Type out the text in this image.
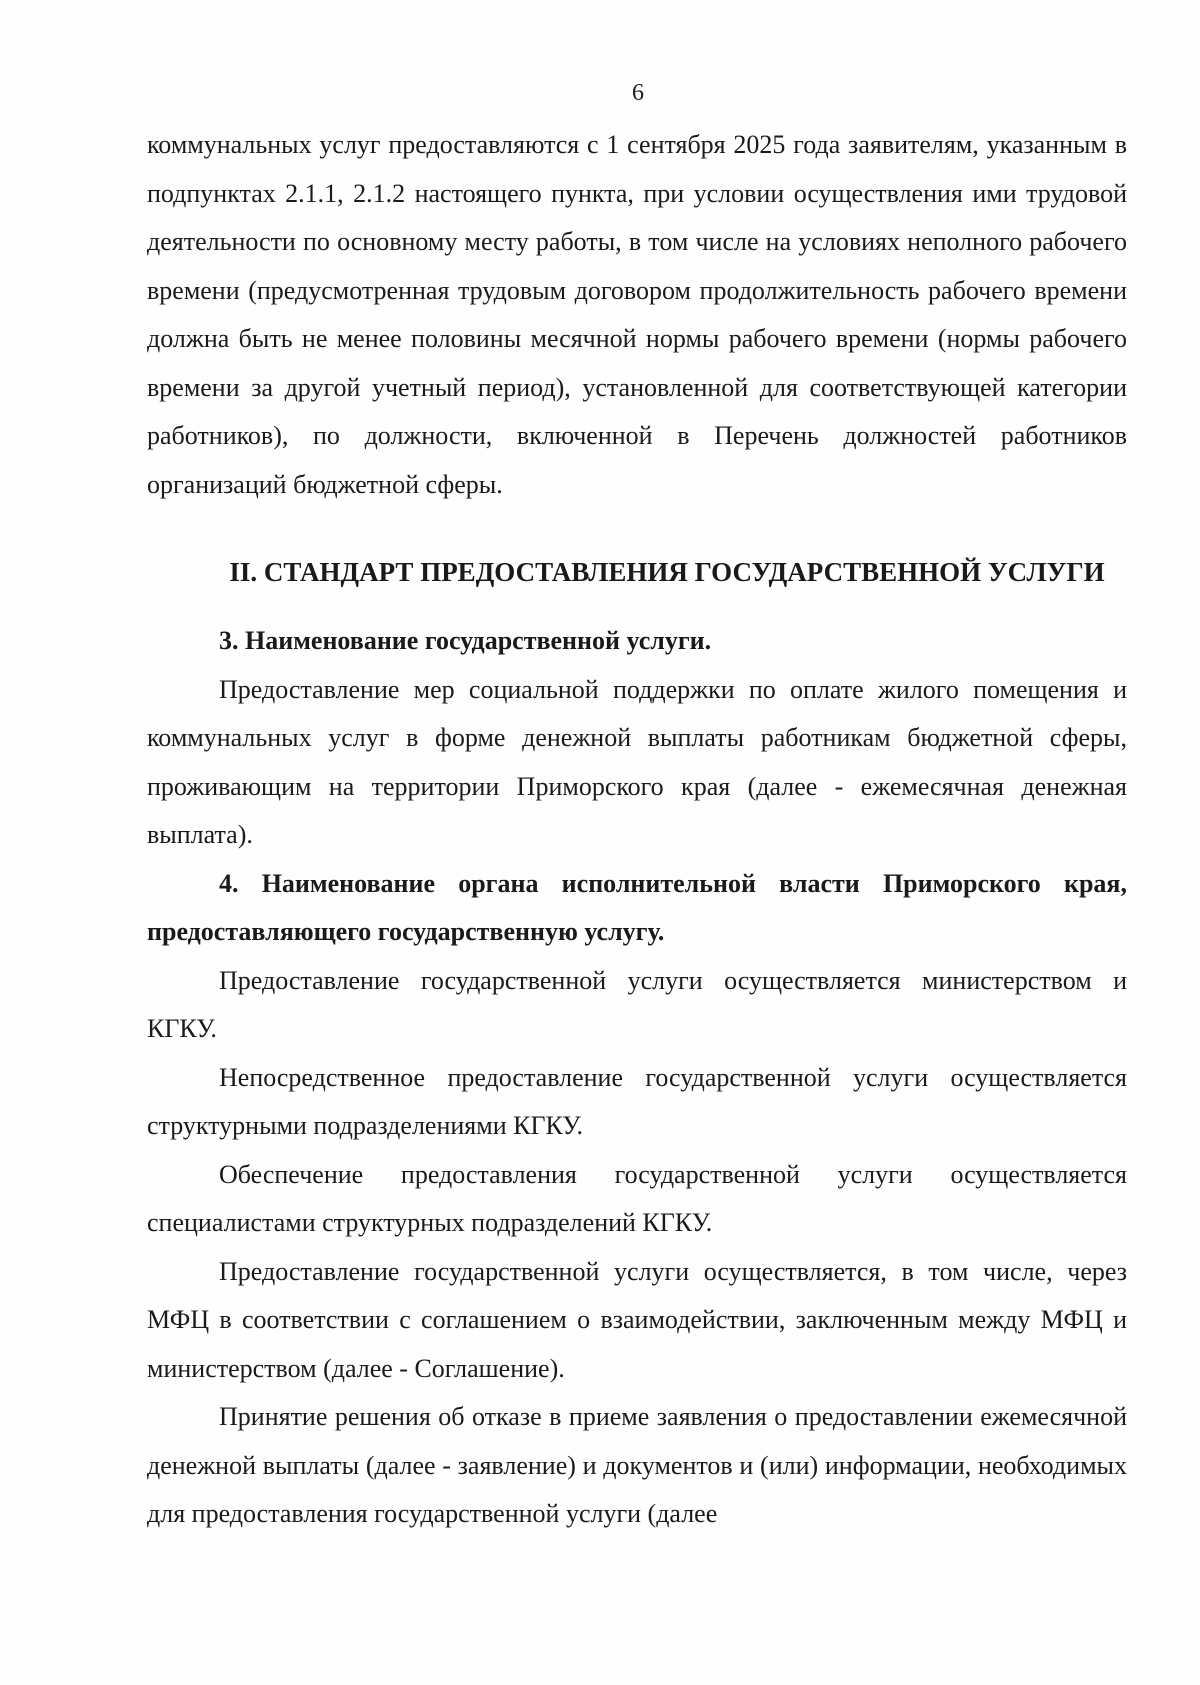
6

коммунальных услуг предоставляются с 1 сентября 2025 года заявителям, указанным в подпунктах 2.1.1, 2.1.2 настоящего пункта, при условии осуществления ими трудовой деятельности по основному месту работы, в том числе на условиях неполного рабочего времени (предусмотренная трудовым договором продолжительность рабочего времени должна быть не менее половины месячной нормы рабочего времени (нормы рабочего времени за другой учетный период), установленной для соответствующей категории работников), по должности, включенной в Перечень должностей работников организаций бюджетной сферы.

II. СТАНДАРТ ПРЕДОСТАВЛЕНИЯ ГОСУДАРСТВЕННОЙ УСЛУГИ

3. Наименование государственной услуги.

Предоставление мер социальной поддержки по оплате жилого помещения и коммунальных услуг в форме денежной выплаты работникам бюджетной сферы, проживающим на территории Приморского края (далее - ежемесячная денежная выплата).

4. Наименование органа исполнительной власти Приморского края, предоставляющего государственную услугу.

Предоставление государственной услуги осуществляется министерством и КГКУ.

Непосредственное предоставление государственной услуги осуществляется структурными подразделениями КГКУ.

Обеспечение предоставления государственной услуги осуществляется специалистами структурных подразделений КГКУ.

Предоставление государственной услуги осуществляется, в том числе, через МФЦ в соответствии с соглашением о взаимодействии, заключенным между МФЦ и министерством (далее - Соглашение).

Принятие решения об отказе в приеме заявления о предоставлении ежемесячной денежной выплаты (далее - заявление) и документов и (или) информации, необходимых для предоставления государственной услуги (далее
